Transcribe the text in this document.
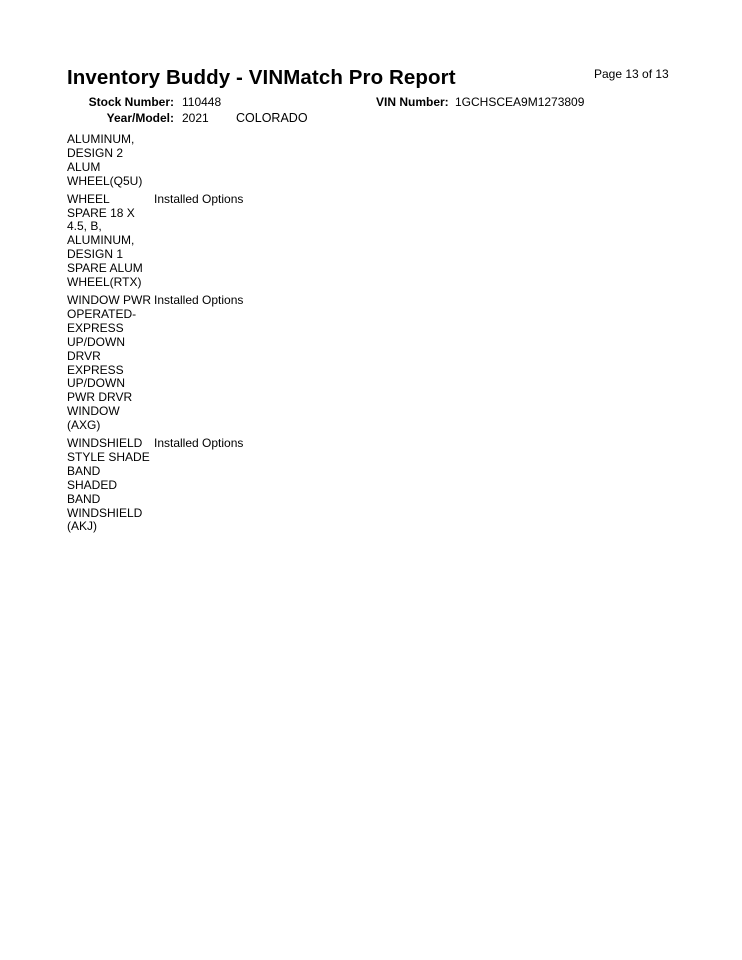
Inventory Buddy - VINMatch Pro Report	Page 13 of 13
Stock Number: 110448
Year/Model: 2021 COLORADO
VIN Number: 1GCHSCEA9M1273809
ALUMINUM,
DESIGN 2
ALUM
WHEEL(Q5U)
WHEEL
SPARE 18 X
4.5, B,
ALUMINUM,
DESIGN 1
SPARE ALUM
WHEEL(RTX)
Installed Options
WINDOW PWR
OPERATED-
EXPRESS
UP/DOWN
DRVR
EXPRESS
UP/DOWN
PWR DRVR
WINDOW
(AXG)
Installed Options
WINDSHIELD
STYLE SHADE
BAND
SHADED
BAND
WINDSHIELD
(AKJ)
Installed Options
